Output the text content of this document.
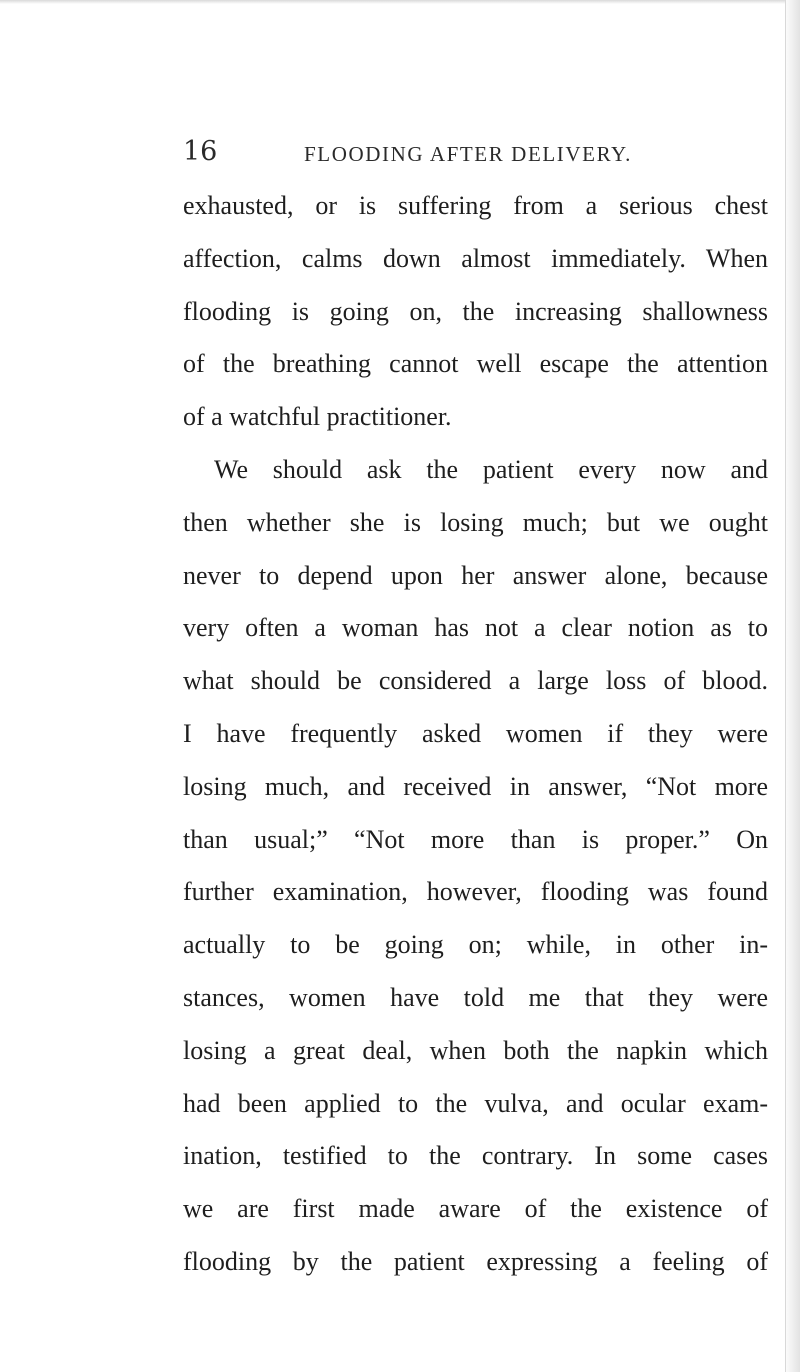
16	FLOODING AFTER DELIVERY.
exhausted, or is suffering from a serious chest
affection, calms down almost immediately. When
flooding is going on, the increasing shallowness
of the breathing cannot well escape the attention
of a watchful practitioner.
We should ask the patient every now and
then whether she is losing much; but we ought
never to depend upon her answer alone, because
very often a woman has not a clear notion as to
what should be considered a large loss of blood.
I have frequently asked women if they were
losing much, and received in answer, “Not more
than usual;” “Not more than is proper.” On
further examination, however, flooding was found
actually to be going on; while, in other in-
stances, women have told me that they were
losing a great deal, when both the napkin which
had been applied to the vulva, and ocular exam-
ination, testified to the contrary. In some cases
we are first made aware of the existence of
flooding by the patient expressing a feeling of
